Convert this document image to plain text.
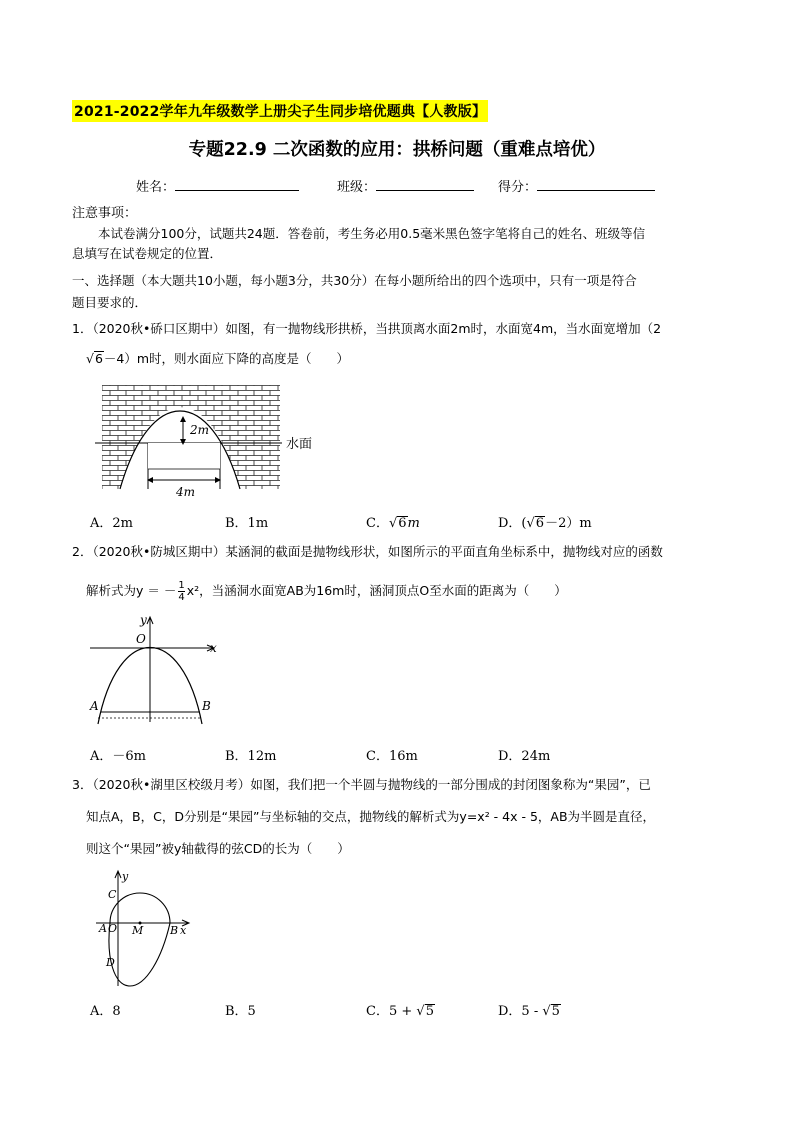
2021-2022学年九年级数学上册尖子生同步培优题典【人教版】
专题22.9 二次函数的应用：拱桥问题（重难点培优）
姓名：	班级：	得分：
注意事项：
本试卷满分100分，试题共24题．答卷前，考生务必用0.5毫米黑色签字笔将自己的姓名、班级等信
息填写在试卷规定的位置．
一、选择题（本大题共10小题，每小题3分，共30分）在每小题所给出的四个选项中，只有一项是符合
题目要求的．
1．（2020秋•硚口区期中）如图，有一抛物线形拱桥，当拱顶离水面2m时，水面宽4m，当水面宽增加（2
√6－4）m时，则水面应下降的高度是（　　）
2m
水面
4m
A．2m	B．1m	C．√6m	D．(√6－2）m
2．（2020秋•防城区期中）某涵洞的截面是抛物线形状，如图所示的平面直角坐标系中，抛物线对应的函数
解析式为y ＝ － $\frac{1}{4} x^2$，当涵洞水面宽AB为16m时，涵洞顶点O至水面的距离为（　　）
x
y
O
A	B
A．－6m	B．12m	C．16m	D．24m
3．（2020秋•湖里区校级月考）如图，我们把一个半圆与抛物线的一部分围成的封闭图象称为“果园”，已
知点A，B，C，D分别是“果园”与坐标轴的交点，抛物线的解析式为y=x² - 4x - 5，AB为半圆是直径，
则这个“果园”被y轴截得的弦CD的长为（　　）
x
y
C
A O M B
D
A．8	B．5	C．5 + √5	D．5 - √5
